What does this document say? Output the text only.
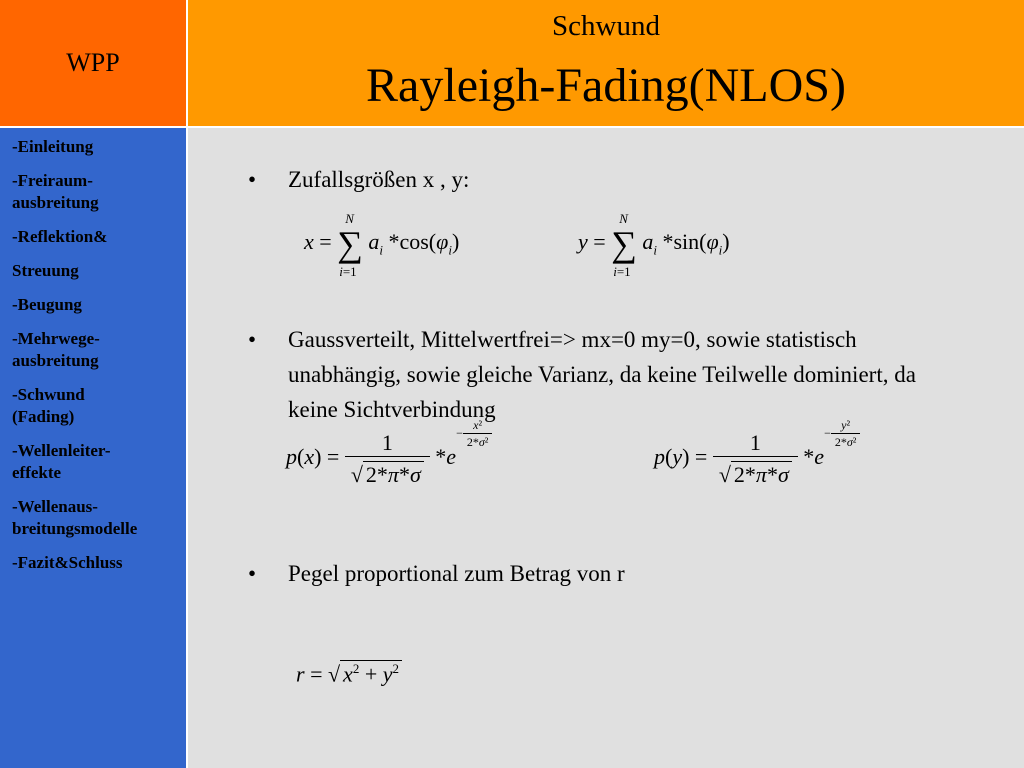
WPP
Schwund
Rayleigh-Fading(NLOS)
-Einleitung
-Freiraum-
ausbreitung
-Reflektion&
Streuung
-Beugung
-Mehrwege-
ausbreitung
-Schwund
(Fading)
-Wellenleiter-
effekte
-Wellenaus-
breitungsmodelle
-Fazit&Schluss
• Zufallsgrößen x , y:
x = ∑
N
i=1
$a_i$ $*\cos(\varphi_i)$	y = ∑
N
i=1
$a_i$ $*\sin(\varphi_i)$
• Gaussverteilt, Mittelwertfrei=> mx=0 my=0, sowie statistisch unabhängig, sowie gleiche Varianz, da keine Teilwelle dominiert, da keine Sichtverbindung
$p(x) = \frac{1}{√ 2*\pi*\sigma} *e- \frac{\text{x²}}{\text{2*σ²}}$
$p(y) = \frac{1}{√ 2*\pi*\sigma} *e- \frac{\text{y²}}{\text{2*σ²}}$
• Pegel proportional zum Betrag von r
r = √ $x^2 + y^2$
